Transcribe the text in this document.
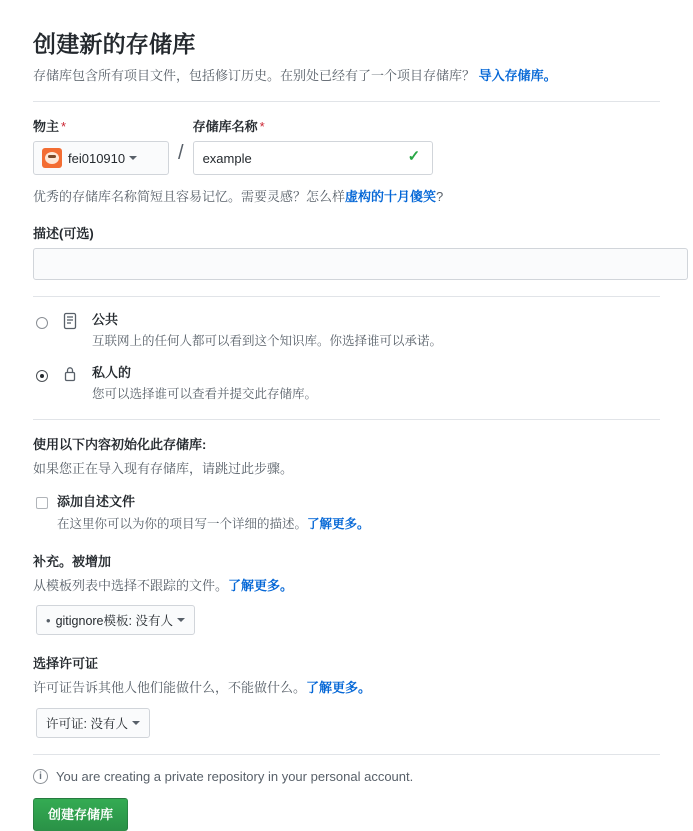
创建新的存储库

存储库包含所有项目文件，包括修订历史。在别处已经有了一个项目存储库？ 导入存储库。

物主 *
fei010910	/
存储库名称 *
example
✓
优秀的存储库名称简短且容易记忆。需要灵感？怎么样虚构的十月傻笑?
描述(可选)
公共
互联网上的任何人都可以看到这个知识库。你选择谁可以承诺。
私人的
您可以选择谁可以查看并提交此存储库。
使用以下内容初始化此存储库:
如果您正在导入现有存储库，请跳过此步骤。
添加自述文件
在这里你可以为你的项目写一个详细的描述。了解更多。
补充。被增加
从模板列表中选择不跟踪的文件。了解更多。
• gitignore模板: 没有人
选择许可证
许可证告诉其他人他们能做什么，不能做什么。了解更多。
许可证: 没有人
i	You are creating a private repository in your personal account.
创建存储库
